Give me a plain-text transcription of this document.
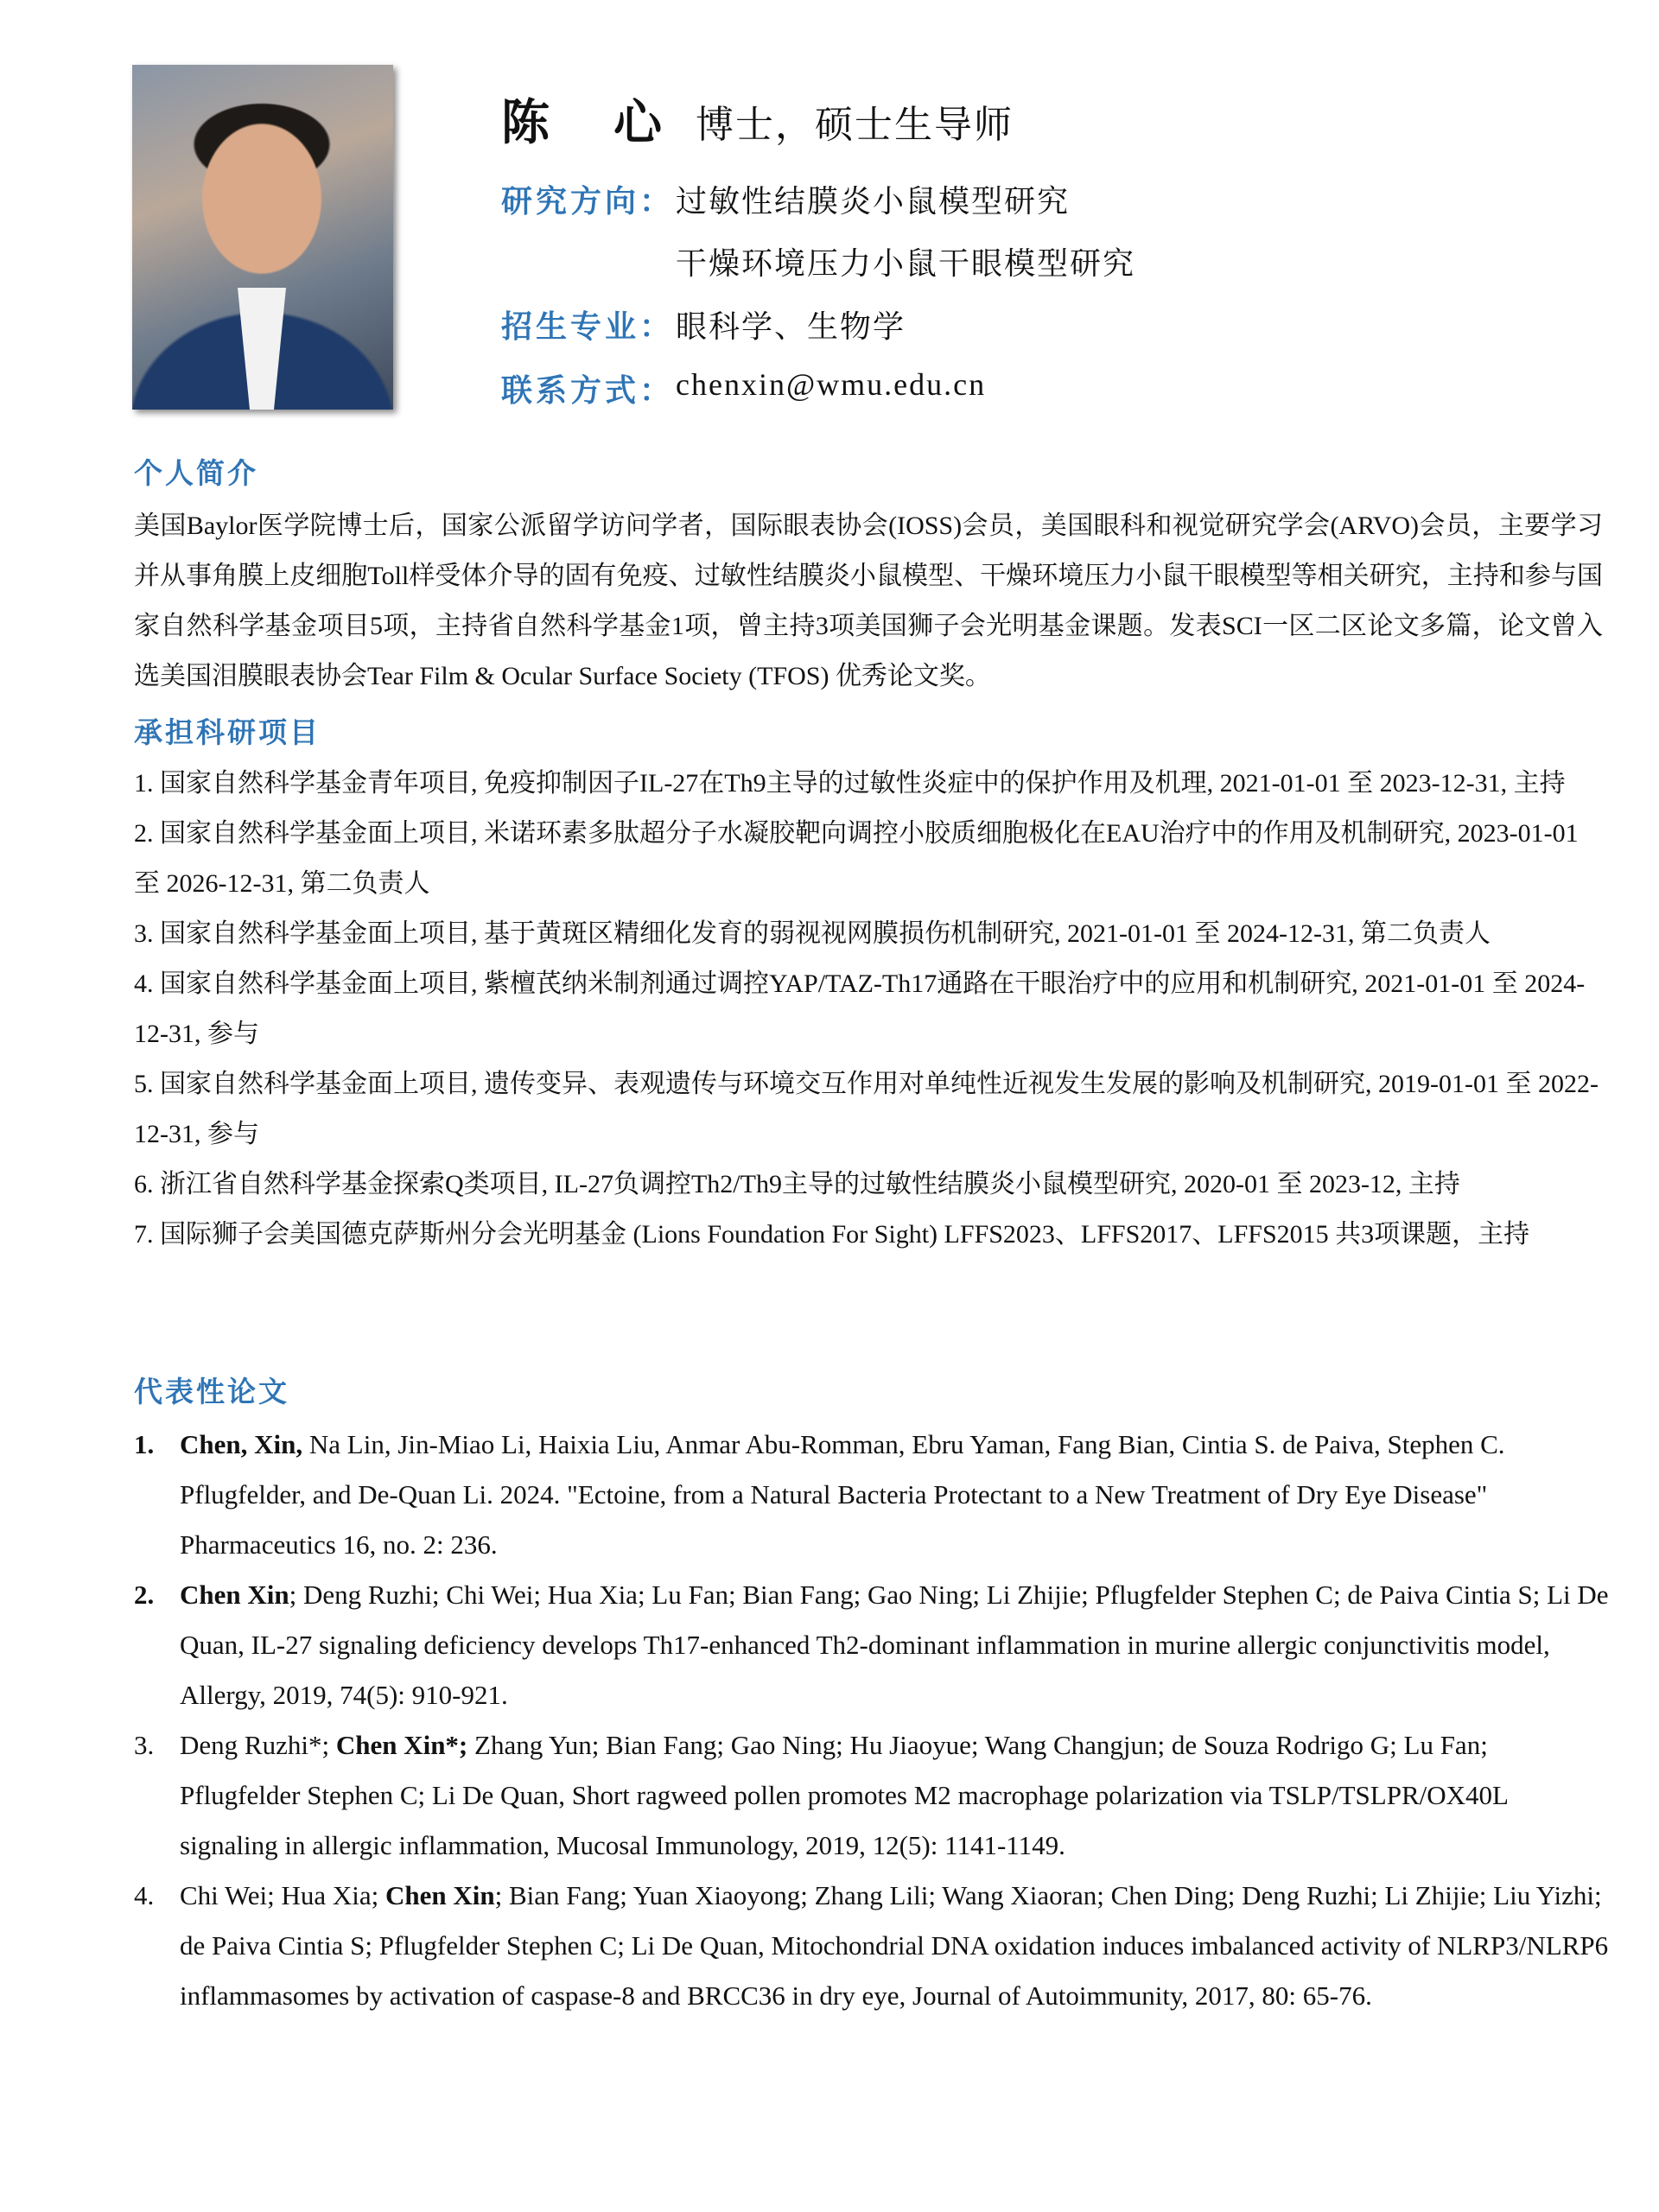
陈 心 博士，硕士生导师
研究方向： 过敏性结膜炎小鼠模型研究
干燥环境压力小鼠干眼模型研究
招生专业： 眼科学、生物学
联系方式： chenxin@wmu.edu.cn
个人简介

美国Baylor医学院博士后，国家公派留学访问学者，国际眼表协会(IOSS)会员，美国眼科和视觉研究学会(ARVO)会员，主要学习并从事角膜上皮细胞Toll样受体介导的固有免疫、过敏性结膜炎小鼠模型、干燥环境压力小鼠干眼模型等相关研究，主持和参与国家自然科学基金项目5项，主持省自然科学基金1项，曾主持3项美国狮子会光明基金课题。发表SCI一区二区论文多篇，论文曾入选美国泪膜眼表协会Tear Film & Ocular Surface Society (TFOS) 优秀论文奖。

承担科研项目

1. 国家自然科学基金青年项目, 免疫抑制因子IL-27在Th9主导的过敏性炎症中的保护作用及机理, 2021-01-01 至 2023-12-31, 主持

2. 国家自然科学基金面上项目, 米诺环素多肽超分子水凝胶靶向调控小胶质细胞极化在EAU治疗中的作用及机制研究, 2023-01-01 至 2026-12-31, 第二负责人

3. 国家自然科学基金面上项目, 基于黄斑区精细化发育的弱视视网膜损伤机制研究, 2021-01-01 至 2024-12-31, 第二负责人

4. 国家自然科学基金面上项目, 紫檀芪纳米制剂通过调控YAP/TAZ-Th17通路在干眼治疗中的应用和机制研究, 2021-01-01 至 2024-12-31, 参与

5. 国家自然科学基金面上项目, 遗传变异、表观遗传与环境交互作用对单纯性近视发生发展的影响及机制研究, 2019-01-01 至 2022-12-31, 参与

6. 浙江省自然科学基金探索Q类项目, IL-27负调控Th2/Th9主导的过敏性结膜炎小鼠模型研究, 2020-01 至 2023-12, 主持

7. 国际狮子会美国德克萨斯州分会光明基金 (Lions Foundation For Sight) LFFS2023、LFFS2017、LFFS2015 共3项课题，主持

代表性论文
1. Chen, Xin, Na Lin, Jin-Miao Li, Haixia Liu, Anmar Abu-Romman, Ebru Yaman, Fang Bian, Cintia S. de Paiva, Stephen C. Pflugfelder, and De-Quan Li. 2024. "Ectoine, from a Natural Bacteria Protectant to a New Treatment of Dry Eye Disease" Pharmaceutics 16, no. 2: 236.
2. Chen Xin; Deng Ruzhi; Chi Wei; Hua Xia; Lu Fan; Bian Fang; Gao Ning; Li Zhijie; Pflugfelder Stephen C; de Paiva Cintia S; Li De Quan, IL-27 signaling deficiency develops Th17-enhanced Th2-dominant inflammation in murine allergic conjunctivitis model, Allergy, 2019, 74(5): 910-921.
3. Deng Ruzhi*; Chen Xin*; Zhang Yun; Bian Fang; Gao Ning; Hu Jiaoyue; Wang Changjun; de Souza Rodrigo G; Lu Fan; Pflugfelder Stephen C; Li De Quan, Short ragweed pollen promotes M2 macrophage polarization via TSLP/TSLPR/OX40L signaling in allergic inflammation, Mucosal Immunology, 2019, 12(5): 1141-1149.
4. Chi Wei; Hua Xia; Chen Xin; Bian Fang; Yuan Xiaoyong; Zhang Lili; Wang Xiaoran; Chen Ding; Deng Ruzhi; Li Zhijie; Liu Yizhi; de Paiva Cintia S; Pflugfelder Stephen C; Li De Quan, Mitochondrial DNA oxidation induces imbalanced activity of NLRP3/NLRP6 inflammasomes by activation of caspase-8 and BRCC36 in dry eye, Journal of Autoimmunity, 2017, 80: 65-76.
